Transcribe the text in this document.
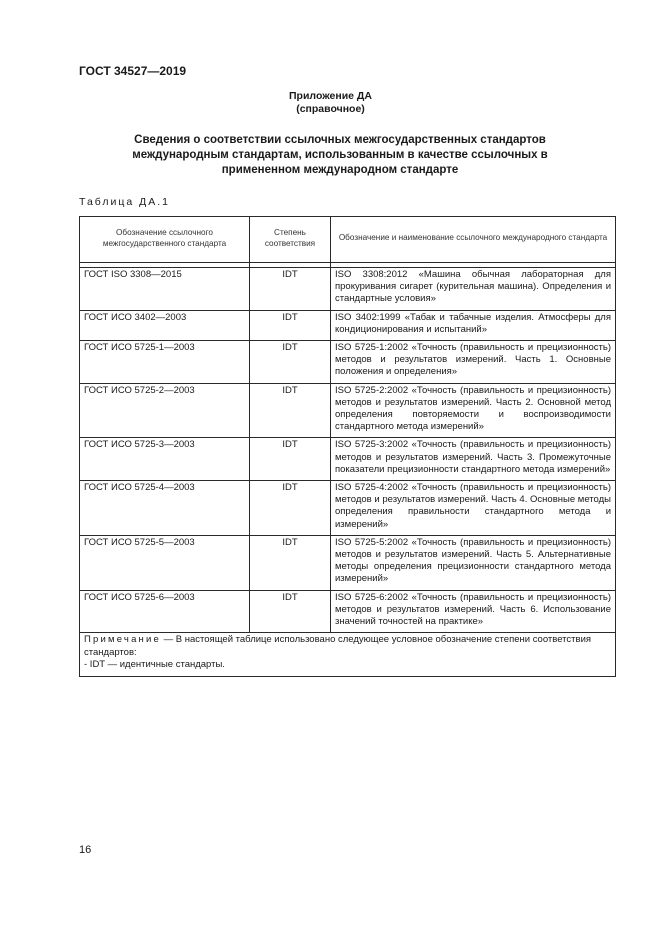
ГОСТ 34527—2019
Приложение ДА
(справочное)
Сведения о соответствии ссылочных межгосударственных стандартов международным стандартам, использованным в качестве ссылочных в примененном международном стандарте
Таблица ДА.1
Обозначение ссылочного межгосударственного стандарта	Степень соответствия	Обозначение и наименование ссылочного международного стандарта

ГОСТ ISO 3308—2015	IDT	ISO 3308:2012 «Машина обычная лабораторная для прокуривания сигарет (курительная машина). Определения и стандартные условия»
ГОСТ ИСО 3402—2003	IDT	ISO 3402:1999 «Табак и табачные изделия. Атмосферы для кондиционирования и испытаний»
ГОСТ ИСО 5725-1—2003	IDT	ISO 5725-1:2002 «Точность (правильность и прецизионность) методов и результатов измерений. Часть 1. Основные положения и определения»
ГОСТ ИСО 5725-2—2003	IDT	ISO 5725-2:2002 «Точность (правильность и прецизионность) методов и результатов измерений. Часть 2. Основной метод определения повторяемости и воспроизводимости стандартного метода измерений»
ГОСТ ИСО 5725-3—2003	IDT	ISO 5725-3:2002 «Точность (правильность и прецизионность) методов и результатов измерений. Часть 3. Промежуточные показатели прецизионности стандартного метода измерений»
ГОСТ ИСО 5725-4—2003	IDT	ISO 5725-4:2002 «Точность (правильность и прецизионность) методов и результатов измерений. Часть 4. Основные методы определения правильности стандартного метода и измерений»
ГОСТ ИСО 5725-5—2003	IDT	ISO 5725-5:2002 «Точность (правильность и прецизионность) методов и результатов измерений. Часть 5. Альтернативные методы определения прецизионности стандартного метода измерений»
ГОСТ ИСО 5725-6—2003	IDT	ISO 5725-6:2002 «Точность (правильность и прецизионность) методов и результатов измерений. Часть 6. Использование значений точностей на практике»
Примечание — В настоящей таблице использовано следующее условное обозначение степени соответствия стандартов:
- IDT — идентичные стандарты.		
16
